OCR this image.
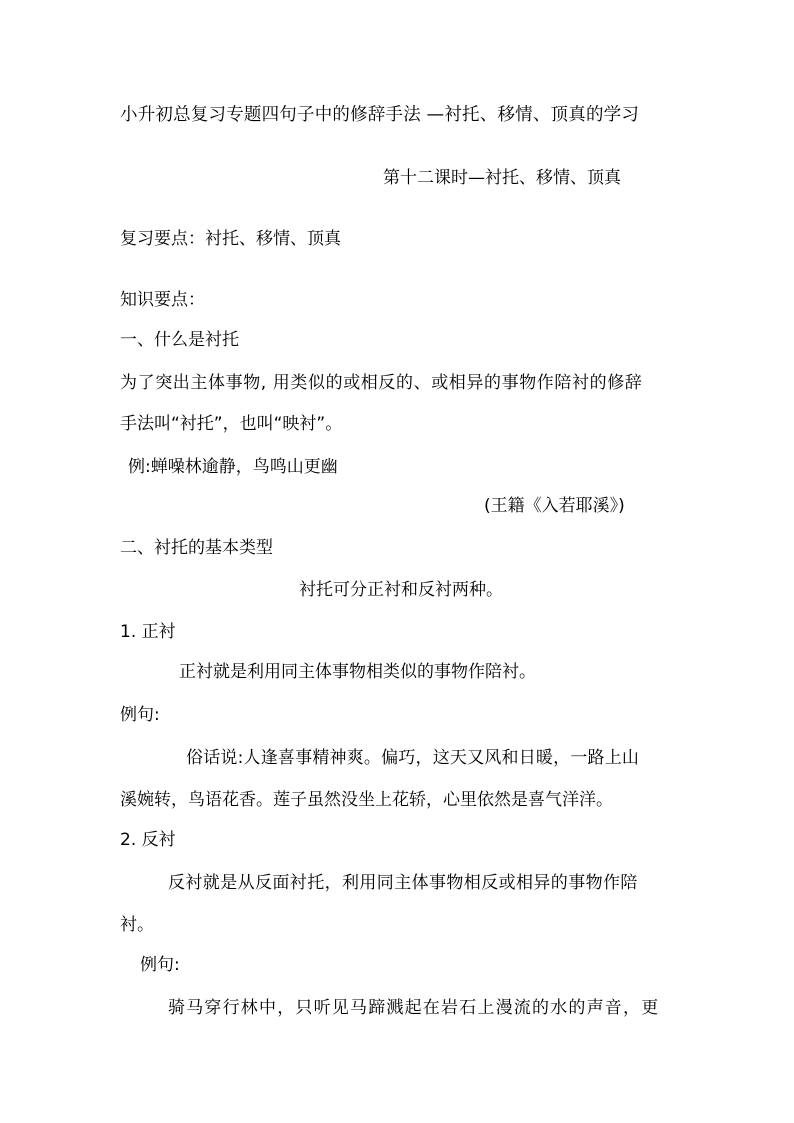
小升初总复习专题四句子中的修辞手法 —衬托、移情、顶真的学习
第十二课时—衬托、移情、顶真
复习要点：衬托、移情、顶真
知识要点：
一、什么是衬托
为了突出主体事物, 用类似的或相反的、或相异的事物作陪衬的修辞
手法叫“衬托”，也叫“映衬”。
例:蝉噪林逾静，鸟鸣山更幽
(王籍《入若耶溪》)
二、衬托的基本类型
衬托可分正衬和反衬两种。
1. 正衬
正衬就是利用同主体事物相类似的事物作陪衬。
例句:
俗话说:人逢喜事精神爽。偏巧，这天又风和日暖，一路上山
溪婉转，鸟语花香。莲子虽然没坐上花轿，心里依然是喜气洋洋。
2. 反衬
反衬就是从反面衬托，利用同主体事物相反或相异的事物作陪
衬。
例句:
骑马穿行林中，只听见马蹄溅起在岩石上漫流的水的声音，更
